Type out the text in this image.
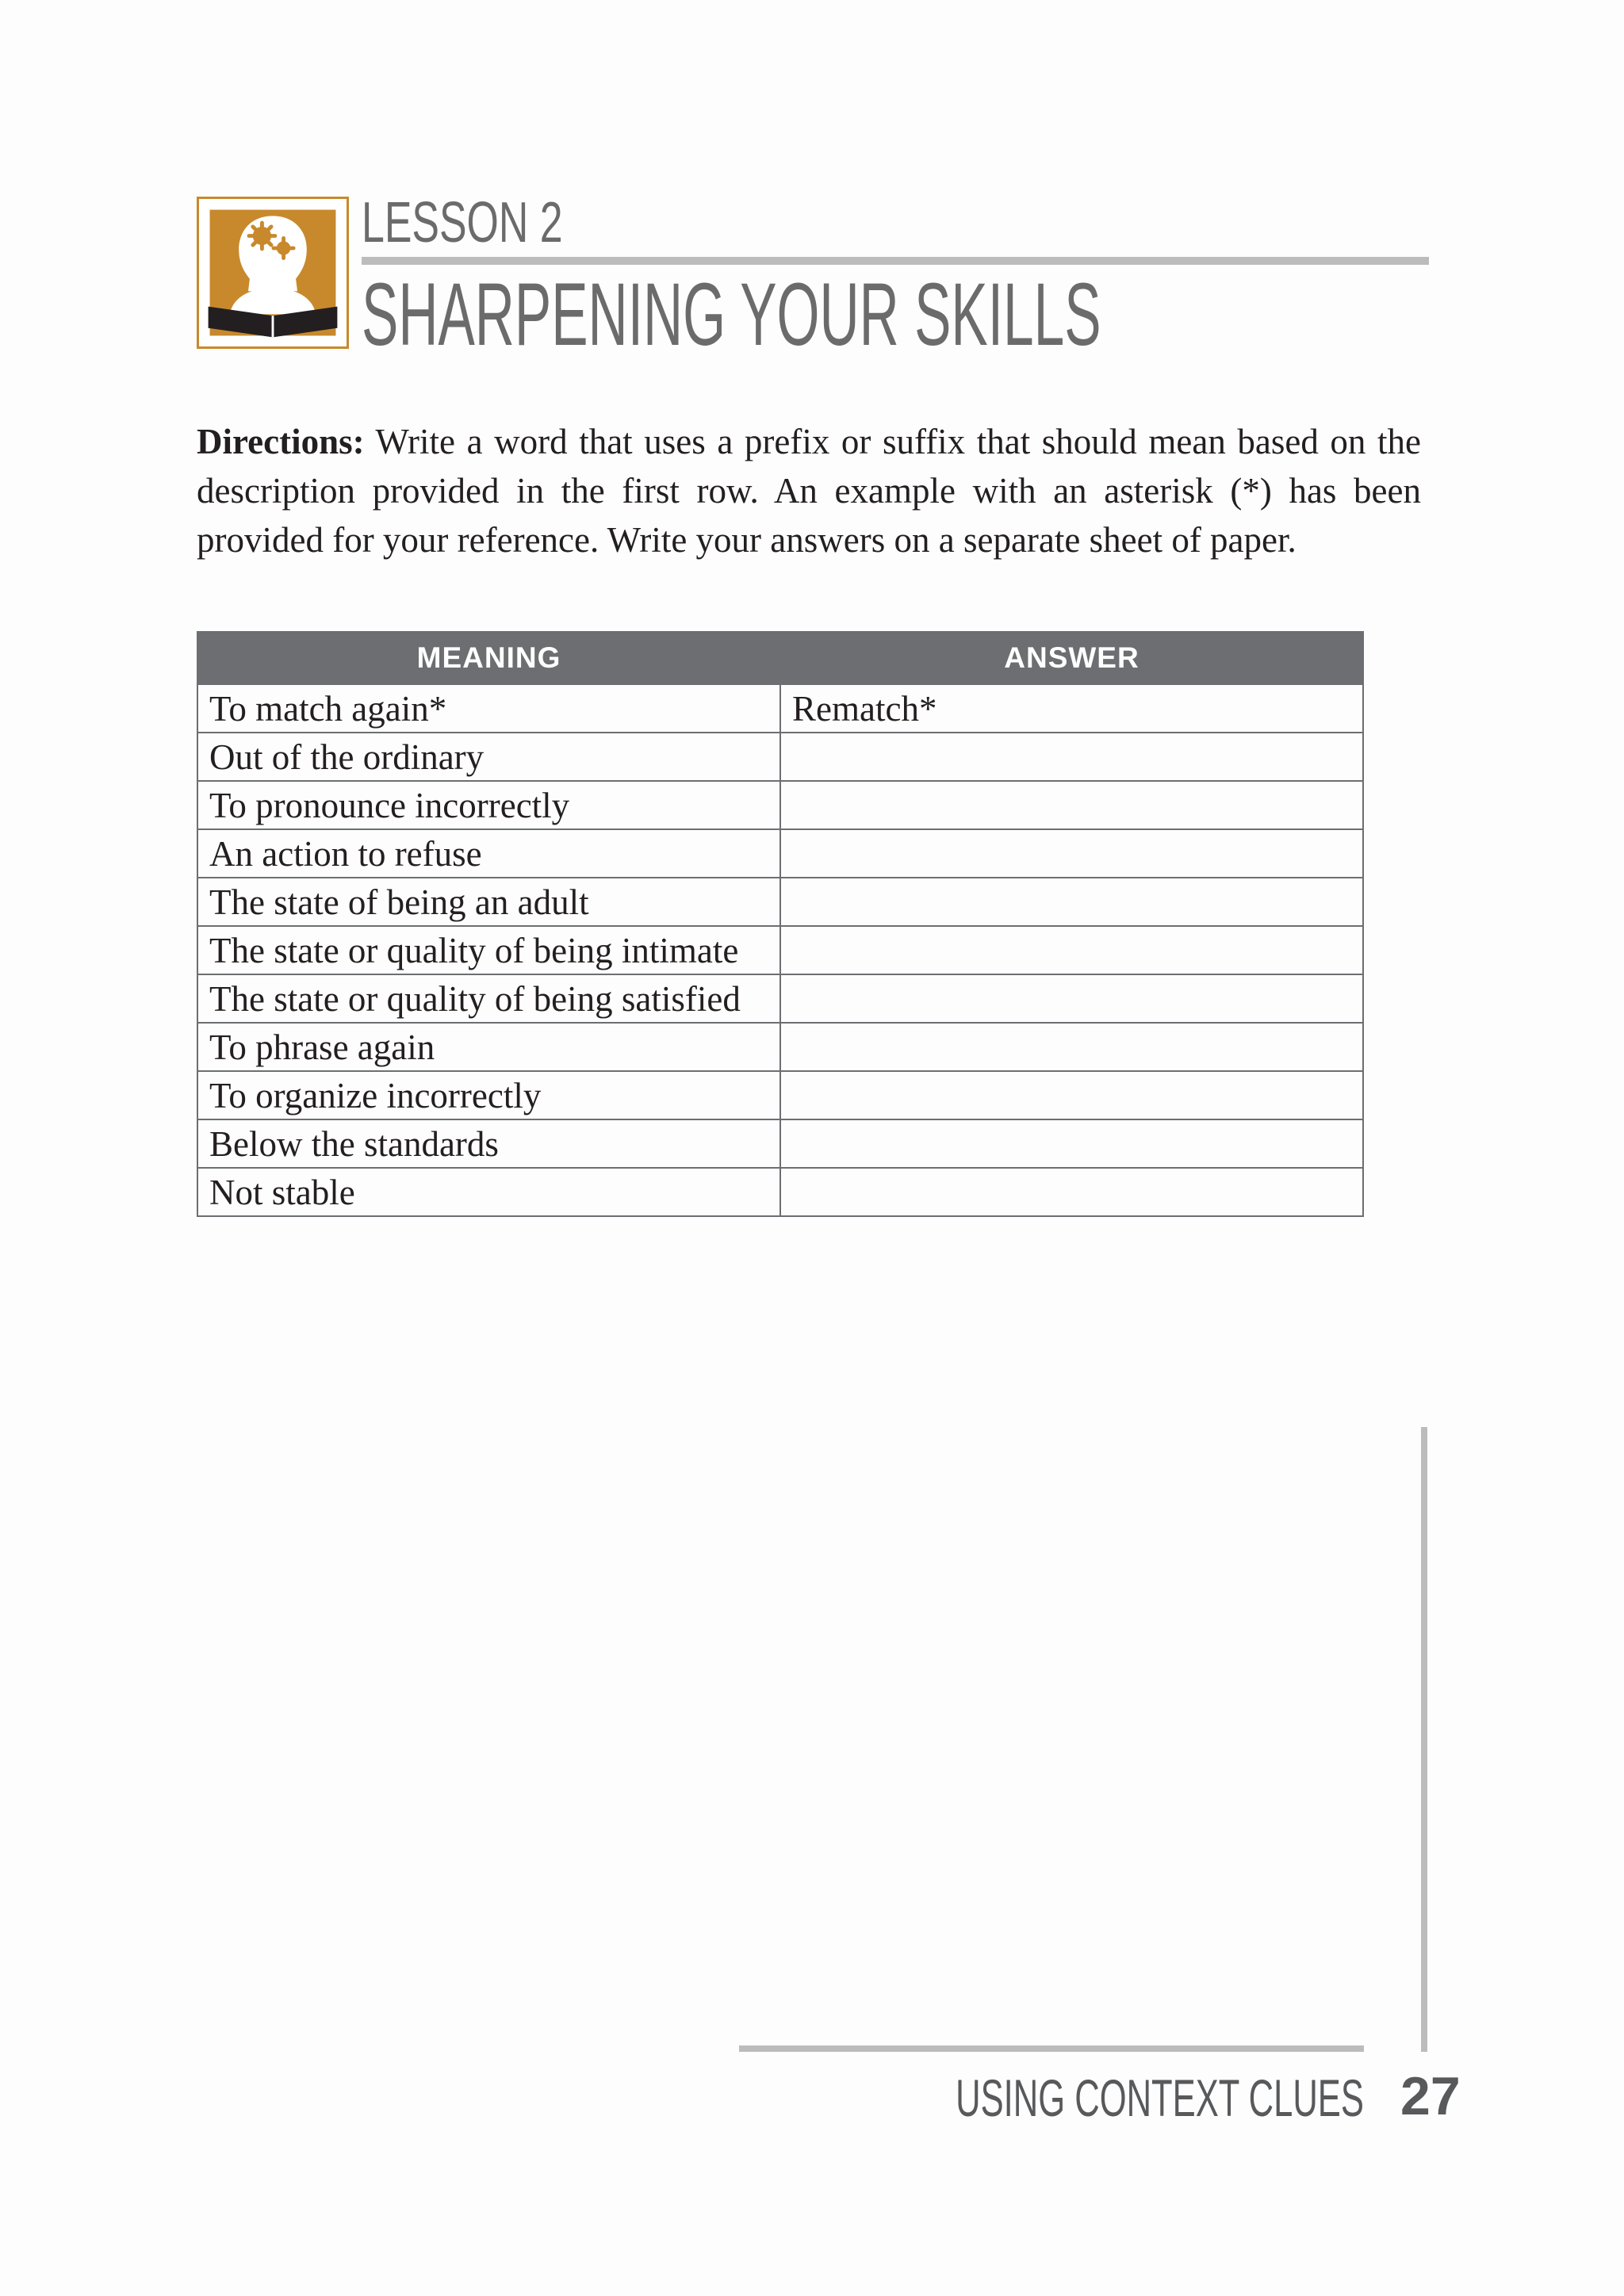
LESSON 2
SHARPENING YOUR SKILLS

Directions: Write a word that uses a prefix or suffix that should mean based on the description provided in the first row. An example with an asterisk (*) has been provided for your reference. Write your answers on a separate sheet of paper.

MEANING	ANSWER
To match again*	Rematch*
Out of the ordinary	
To pronounce incorrectly	
An action to refuse	
The state of being an adult	
The state or quality of being intimate	
The state or quality of being satisfied	
To phrase again	
To organize incorrectly	
Below the standards	
Not stable	
USING CONTEXT CLUES 27
